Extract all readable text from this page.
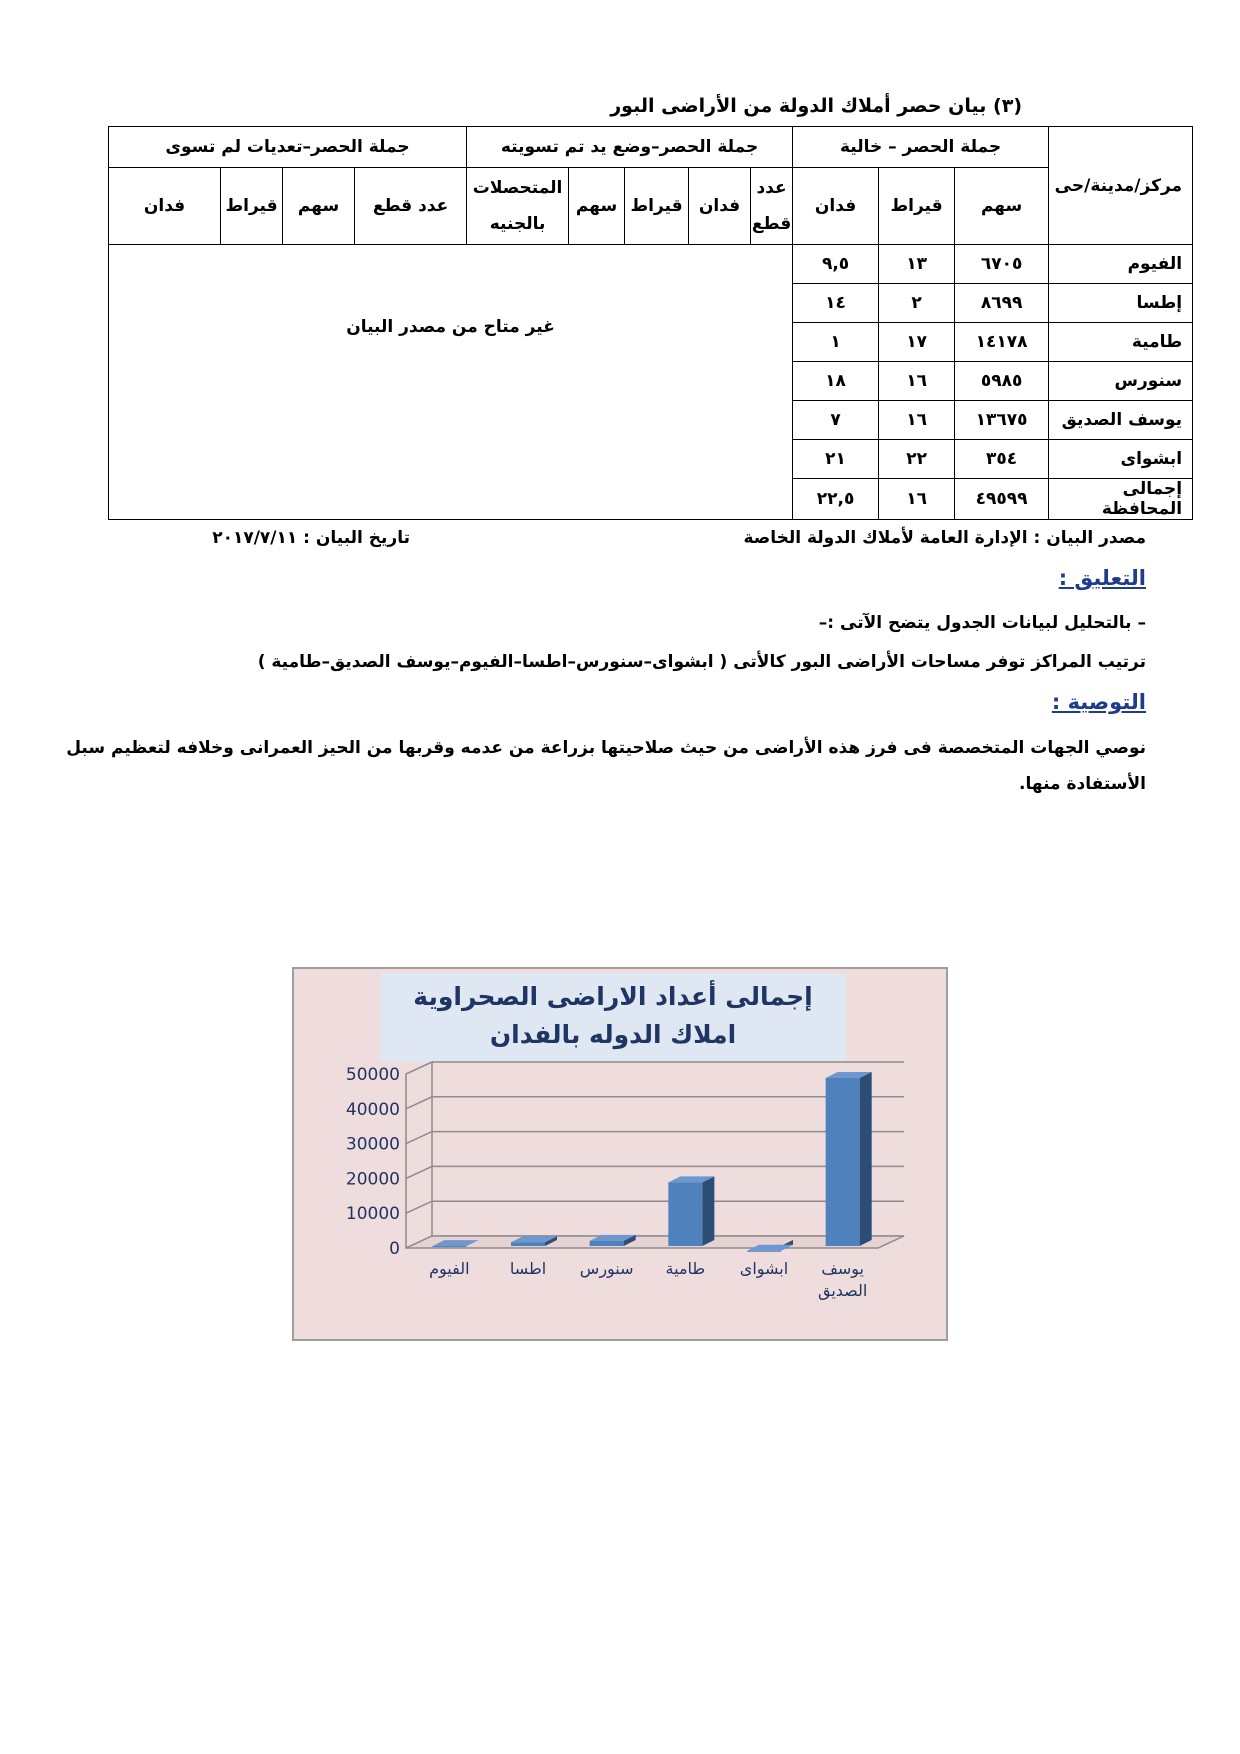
(٣) بيان حصر أملاك الدولة من الأراضى البور
مركز/مدينة/حى	جملة الحصر – خالية			جملة الحصر–وضع يد تم تسويته					جملة الحصر–تعديات لم تسوى			
	سهم	قيراط	فدان	عدد قطع	فدان	قيراط	سهم	المتحصلات بالجنيه	عدد قطع	سهم	قيراط	فدان
الفيوم	٦٧٠٥	١٣	٩,٥	غير متاح من مصدر البيان								
إطسا	٨٦٩٩	٢	١٤									
طامية	١٤١٧٨	١٧	١									
سنورس	٥٩٨٥	١٦	١٨									
يوسف الصديق	١٣٦٧٥	١٦	٧									
ابشواى	٣٥٤	٢٢	٢١									
إجمالى المحافظة	٤٩٥٩٩	١٦	٢٢,٥									
مصدر البيان : الإدارة العامة لأملاك الدولة الخاصة
تاريخ البيان : ٢٠١٧/٧/١١
التعليق :
– بالتحليل لبيانات الجدول يتضح الآتى :–
ترتيب المراكز توفر مساحات الأراضى البور كالأتى ( ابشواى–سنورس–اطسا–الفيوم–يوسف الصديق–طامية )
التوصية :
نوصي الجهات المتخصصة فى فرز هذه الأراضى من حيث صلاحيتها بزراعة من عدمه وقربها من الحيز العمرانى وخلافه لتعظيم سبل
الأستفادة منها.
إجمالى أعداد الاراضى الصحراوية املاك الدوله بالفدان
0
10000
20000
30000
40000
50000
الفيوم	اطسا سنورس طامية ابشواى يوسف
الصديق
